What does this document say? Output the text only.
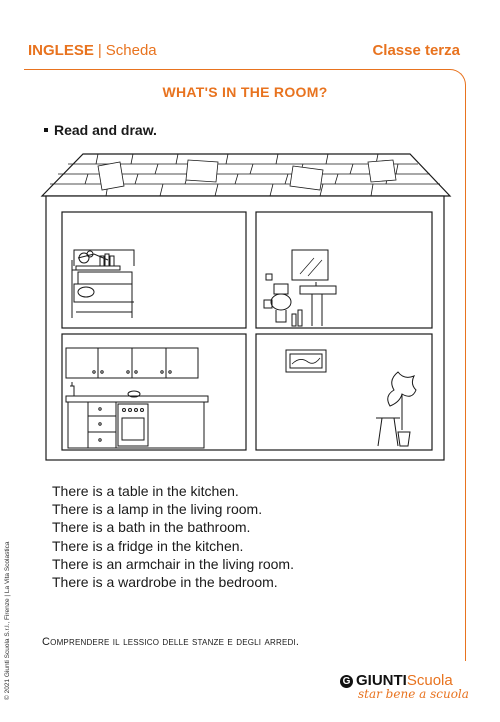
INGLESE | Scheda	Classe terza
WHAT'S IN THE ROOM?
Read and draw.
There is a table in the kitchen.
There is a lamp in the living room.
There is a bath in the bathroom.
There is a fridge in the kitchen.
There is an armchair in the living room.
There is a wardrobe in the bedroom.
Comprendere il lessico delle stanze e degli arredi.
© 2021 Giunti Scuola S.r.l., Firenze | La Vita Scolastica	G GIUNTIScuola
star bene a scuola
